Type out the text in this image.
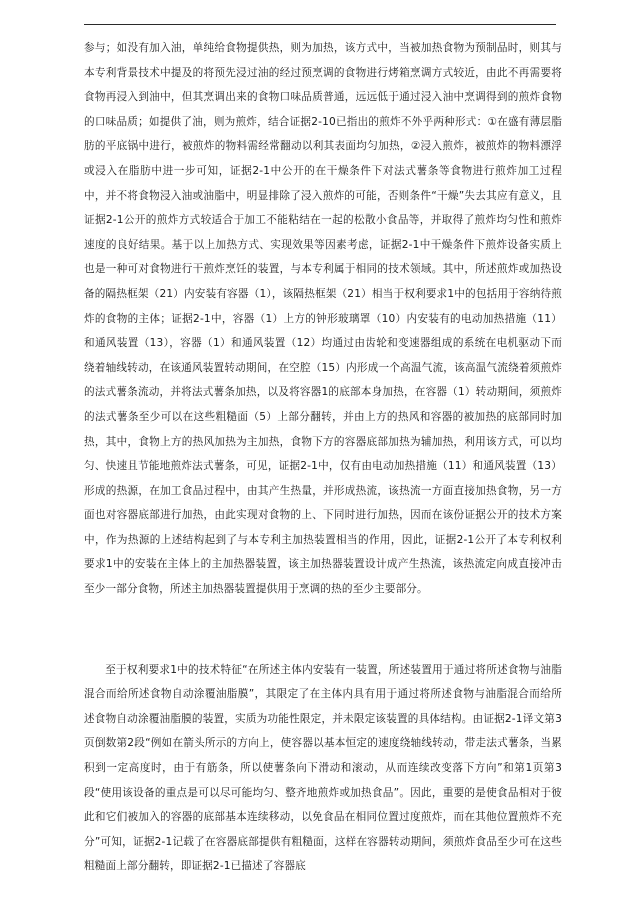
参与；如没有加入油，单纯给食物提供热，则为加热，该方式中，当被加热食物为预制品时，则其与本专利背景技术中提及的将预先浸过油的经过预烹调的食物进行烤箱烹调方式较近，由此不再需要将食物再浸入到油中，但其烹调出来的食物口味品质普通，远远低于通过浸入油中烹调得到的煎炸食物的口味品质；如提供了油，则为煎炸，结合证据2-10已指出的煎炸不外乎两种形式：①在盛有薄层脂肪的平底锅中进行，被煎炸的物料需经常翻动以利其表面均匀加热，②浸入煎炸，被煎炸的物料漂浮或浸入在脂肪中进一步可知，证据2-1中公开的在干燥条件下对法式薯条等食物进行煎炸加工过程中，并不将食物浸入油或油脂中，明显排除了浸入煎炸的可能，否则条件“干燥”失去其应有意义，且证据2-1公开的煎炸方式较适合于加工不能粘结在一起的松散小食品等，并取得了煎炸均匀性和煎炸速度的良好结果。基于以上加热方式、实现效果等因素考虑，证据2-1中干燥条件下煎炸设备实质上也是一种可对食物进行干煎炸烹饪的装置，与本专利属于相同的技术领域。其中，所述煎炸或加热设备的隔热框架（21）内安装有容器（1），该隔热框架（21）相当于权利要求1中的包括用于容纳待煎炸的食物的主体；证据2-1中，容器（1）上方的钟形玻璃罩（10）内安装有的电动加热措施（11）和通风装置（13），容器（1）和通风装置（12）均通过由齿轮和变速器组成的系统在电机驱动下而绕着轴线转动，在该通风装置转动期间，在空腔（15）内形成一个高温气流，该高温气流绕着须煎炸的法式薯条流动，并将法式薯条加热，以及将容器1的底部本身加热，在容器（1）转动期间，须煎炸的法式薯条至少可以在这些粗糙面（5）上部分翻转，并由上方的热风和容器的被加热的底部同时加热，其中，食物上方的热风加热为主加热，食物下方的容器底部加热为辅加热，利用该方式，可以均匀、快速且节能地煎炸法式薯条，可见，证据2-1中，仅有由电动加热措施（11）和通风装置（13）形成的热源，在加工食品过程中，由其产生热量，并形成热流，该热流一方面直接加热食物，另一方面也对容器底部进行加热，由此实现对食物的上、下同时进行加热，因而在该份证据公开的技术方案中，作为热源的上述结构起到了与本专利主加热装置相当的作用，因此，证据2-1公开了本专利权利要求1中的安装在主体上的主加热器装置，该主加热器装置设计成产生热流，该热流定向成直接冲击至少一部分食物，所述主加热器装置提供用于烹调的热的至少主要部分。

至于权利要求1中的技术特征“在所述主体内安装有一装置，所述装置用于通过将所述食物与油脂混合而给所述食物自动涂覆油脂膜”，其限定了在主体内具有用于通过将所述食物与油脂混合而给所述食物自动涂覆油脂膜的装置，实质为功能性限定，并未限定该装置的具体结构。由证据2-1译文第3页倒数第2段“例如在箭头所示的方向上，使容器以基本恒定的速度绕轴线转动，带走法式薯条，当累积到一定高度时，由于有筋条，所以使薯条向下滑动和滚动，从而连续改变落下方向”和第1页第3段“使用该设备的重点是可以尽可能均匀、整齐地煎炸或加热食品”。因此，重要的是使食品相对于彼此和它们被加入的容器的底部基本连续移动，以免食品在相同位置过度煎炸，而在其他位置煎炸不充分”可知，证据2-1记载了在容器底部提供有粗糙面，这样在容器转动期间，须煎炸食品至少可在这些粗糙面上部分翻转，即证据2-1已描述了容器底
